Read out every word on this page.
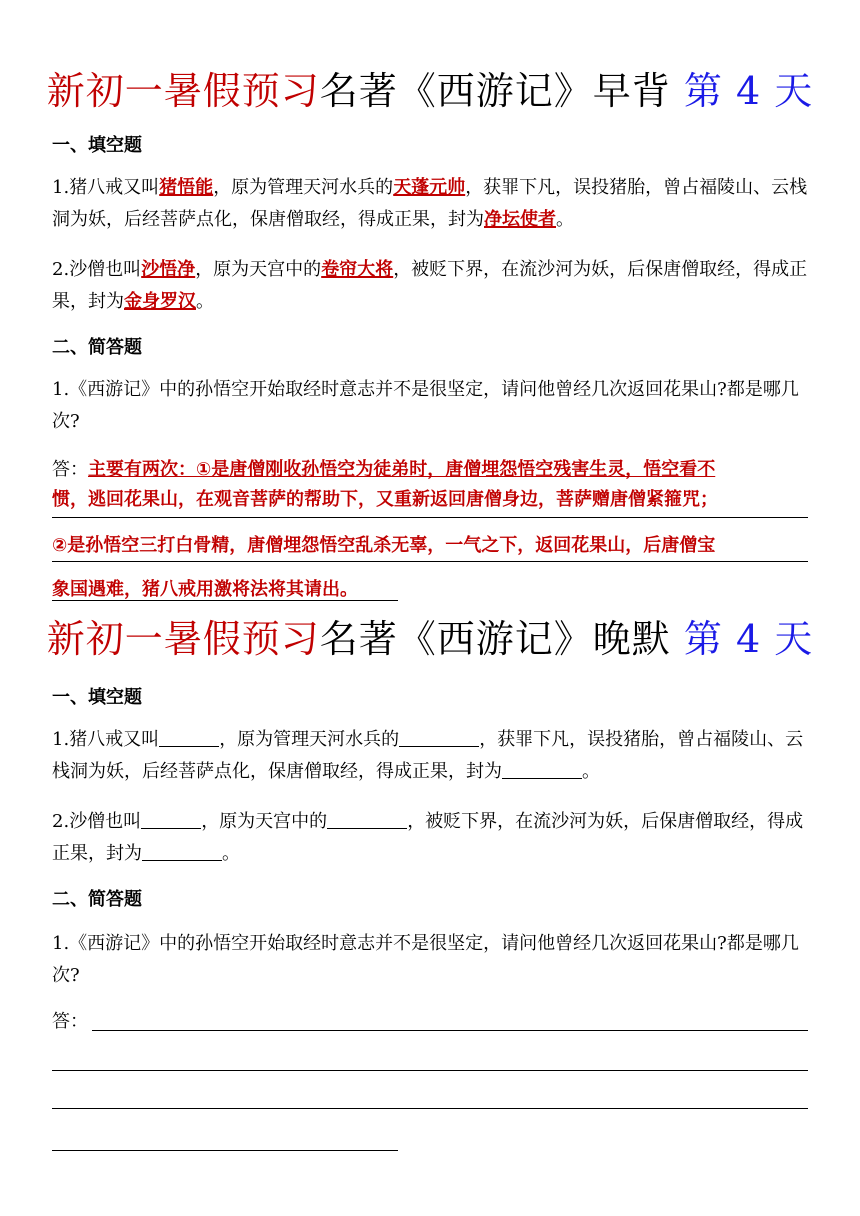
新初一暑假预习名著《西游记》早背 第 4 天
一、填空题
1.猪八戒又叫猪悟能，原为管理天河水兵的天蓬元帅，获罪下凡，误投猪胎，曾占福陵山、云栈洞为妖，后经菩萨点化，保唐僧取经，得成正果，封为净坛使者。
2.沙僧也叫沙悟净，原为天宫中的卷帘大将，被贬下界，在流沙河为妖，后保唐僧取经，得成正果，封为金身罗汉。
二、简答题
1.《西游记》中的孙悟空开始取经时意志并不是很坚定，请问他曾经几次返回花果山?都是哪几次?
答：主要有两次：①是唐僧刚收孙悟空为徒弟时，唐僧埋怨悟空残害生灵，悟空看不
惯，逃回花果山，在观音菩萨的帮助下，又重新返回唐僧身边，菩萨赠唐僧紧箍咒；
②是孙悟空三打白骨精，唐僧埋怨悟空乱杀无辜，一气之下，返回花果山，后唐僧宝
象国遇难，猪八戒用激将法将其请出。
新初一暑假预习名著《西游记》晚默 第 4 天
一、填空题
1.猪八戒又叫	，原为管理天河水兵的	，获罪下凡，误投猪胎，曾占福陵山、云栈洞为妖，后经菩萨点化，保唐僧取经，得成正果，封为	。
2.沙僧也叫	，原为天宫中的	，被贬下界，在流沙河为妖，后保唐僧取经，得成正果，封为	。
二、简答题
1.《西游记》中的孙悟空开始取经时意志并不是很坚定，请问他曾经几次返回花果山?都是哪几次?
答：
